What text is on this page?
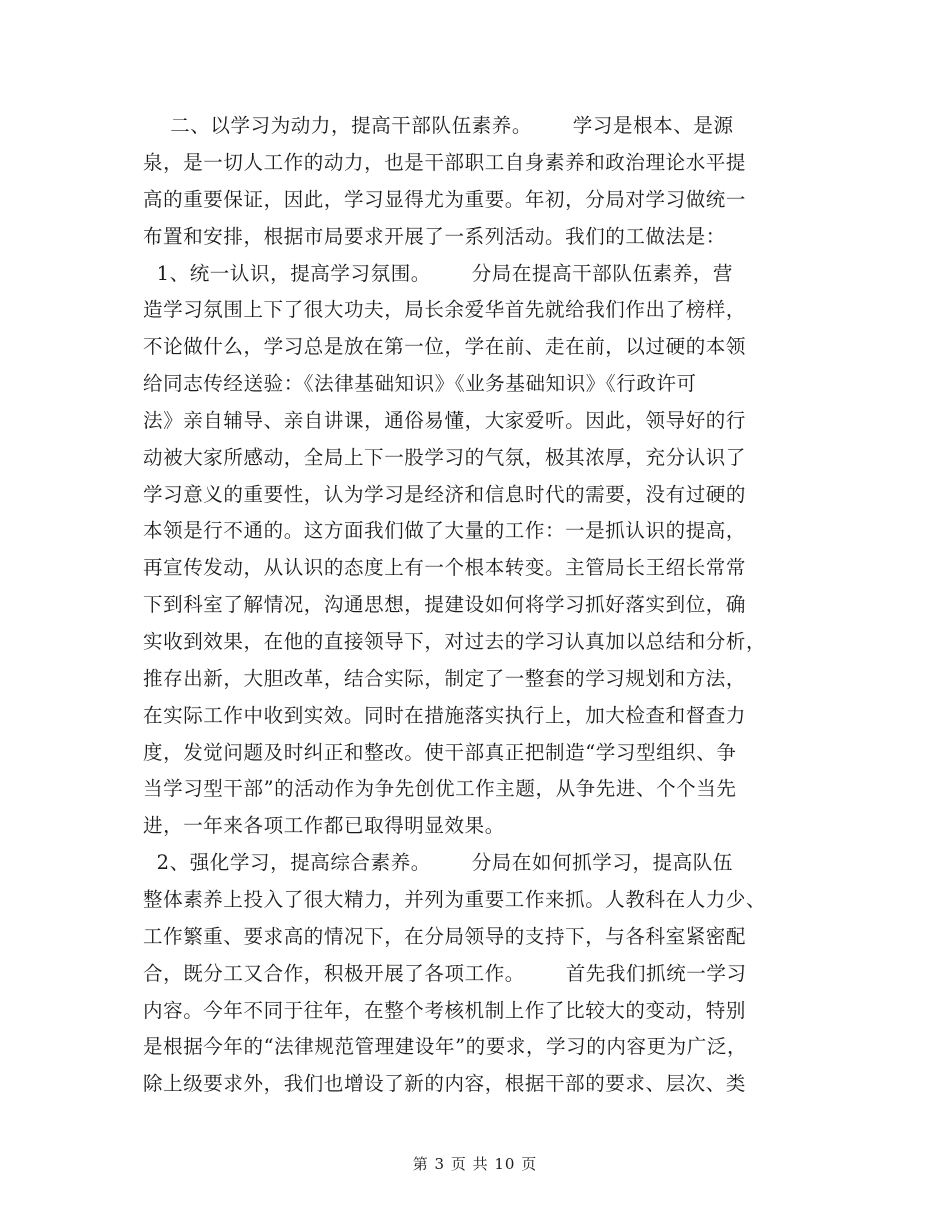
二、以学习为动力，提高干部队伍素养。      学习是根本、是源
泉，是一切人工作的动力，也是干部职工自身素养和政治理论水平提
高的重要保证，因此，学习显得尤为重要。年初，分局对学习做统一
布置和安排，根据市局要求开展了一系列活动。我们的工做法是：
1、统一认识，提高学习氛围。      分局在提高干部队伍素养，营
造学习氛围上下了很大功夫，局长余爱华首先就给我们作出了榜样，
不论做什么，学习总是放在第一位，学在前、走在前，以过硬的本领
给同志传经送验：《法律基础知识》《业务基础知识》《行政许可
法》亲自辅导、亲自讲课，通俗易懂，大家爱听。因此，领导好的行
动被大家所感动，全局上下一股学习的气氛，极其浓厚，充分认识了
学习意义的重要性，认为学习是经济和信息时代的需要，没有过硬的
本领是行不通的。这方面我们做了大量的工作：一是抓认识的提高，
再宣传发动，从认识的态度上有一个根本转变。主管局长王绍长常常
下到科室了解情况，沟通思想，提建设如何将学习抓好落实到位，确
实收到效果，在他的直接领导下，对过去的学习认真加以总结和分析，
推存出新，大胆改革，结合实际，制定了一整套的学习规划和方法，
在实际工作中收到实效。同时在措施落实执行上，加大检查和督查力
度，发觉问题及时纠正和整改。使干部真正把制造“学习型组织、争
当学习型干部”的活动作为争先创优工作主题，从争先进、个个当先
进，一年来各项工作都已取得明显效果。
2、强化学习，提高综合素养。      分局在如何抓学习，提高队伍
整体素养上投入了很大精力，并列为重要工作来抓。人教科在人力少、
工作繁重、要求高的情况下，在分局领导的支持下，与各科室紧密配
合，既分工又合作，积极开展了各项工作。      首先我们抓统一学习
内容。今年不同于往年，在整个考核机制上作了比较大的变动，特别
是根据今年的“法律规范管理建设年”的要求，学习的内容更为广泛，
除上级要求外，我们也增设了新的内容，根据干部的要求、层次、类
第 3 页 共 10 页
